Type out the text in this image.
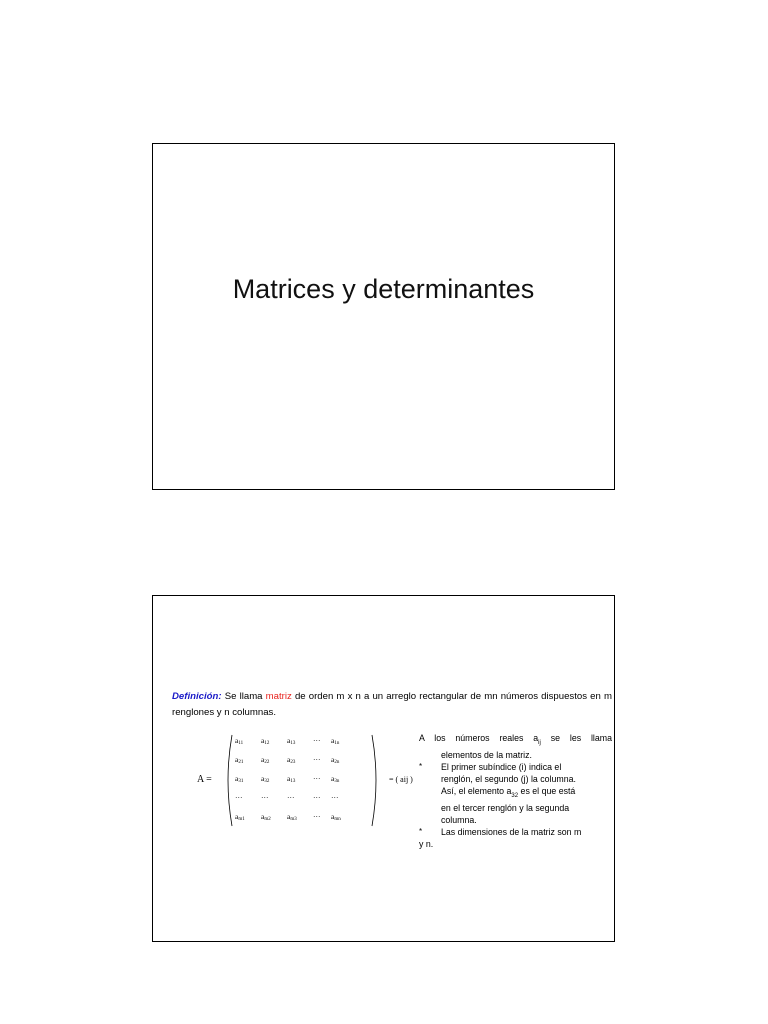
Matrices y determinantes
Definición: Se llama matriz de orden m x n a un arreglo rectangular de mn números dispuestos en m renglones y n columnas.
A =
$a_{11}$ $a_{12}$ $a_{13}$ ··· $a_{1n}$
$a_{21}$ $a_{22}$ $a_{23}$ ··· $a_{2n}$
$a_{31}$ $a_{32}$ $a_{13}$ ··· $a_{3n}$
··· ··· ··· ··· ···
$a_{m1}$ $a_{m2}$ $a_{m3}$ ··· $a_{mn}$
= ( aij )

A los números reales $a_{ij}$ se les llama

elementos de la matriz.

*	El primer subíndice (i) indica el

renglón, el segundo (j) la columna.

Así, el elemento $a_{32}$ es el que está

en el tercer renglón y la segunda

columna.

*	Las dimensiones de la matriz son m

y n.
